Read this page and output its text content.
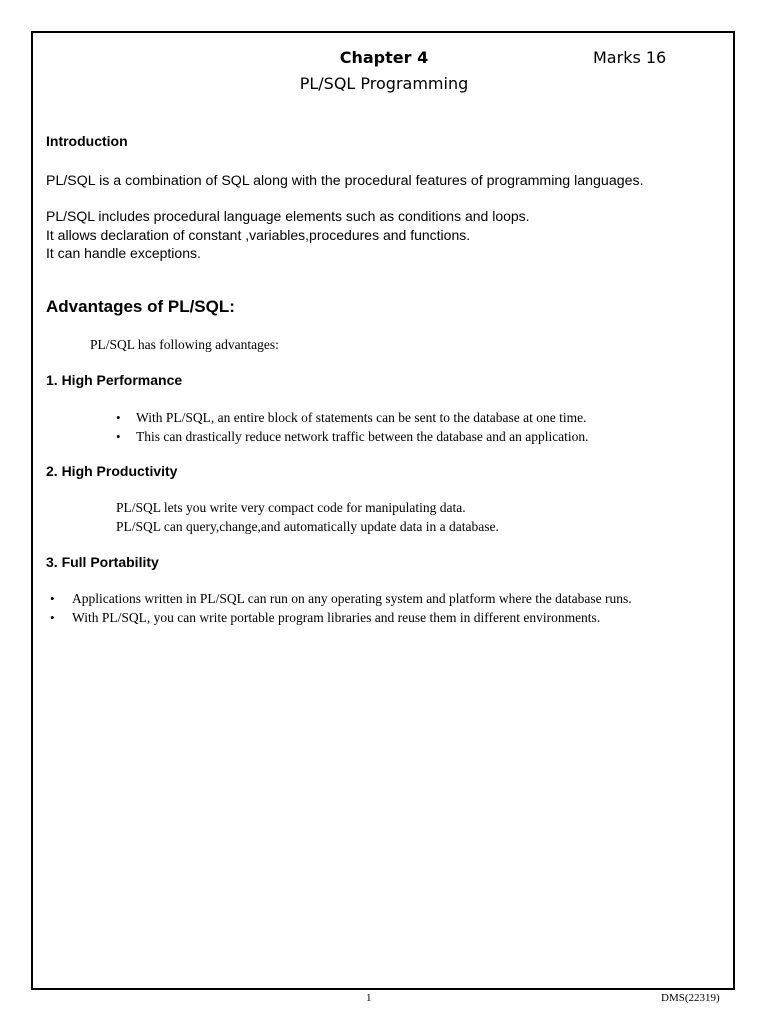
Chapter 4	Marks 16
PL/SQL Programming
Introduction
PL/SQL is a combination of SQL along with the procedural features of programming languages.
PL/SQL includes procedural language elements such as conditions and loops.
It allows declaration of constant ,variables,procedures and functions.
It can handle exceptions.
Advantages of PL/SQL:
PL/SQL has following advantages:
1. High Performance
• With PL/SQL, an entire block of statements can be sent to the database at one time.
• This can drastically reduce network traffic between the database and an application.
2. High Productivity
PL/SQL lets you write very compact code for manipulating data.
PL/SQL can query,change,and automatically update data in a database.
3. Full Portability
• Applications written in PL/SQL can run on any operating system and platform where the database runs.
• With PL/SQL, you can write portable program libraries and reuse them in different environments.
1	DMS(22319)
